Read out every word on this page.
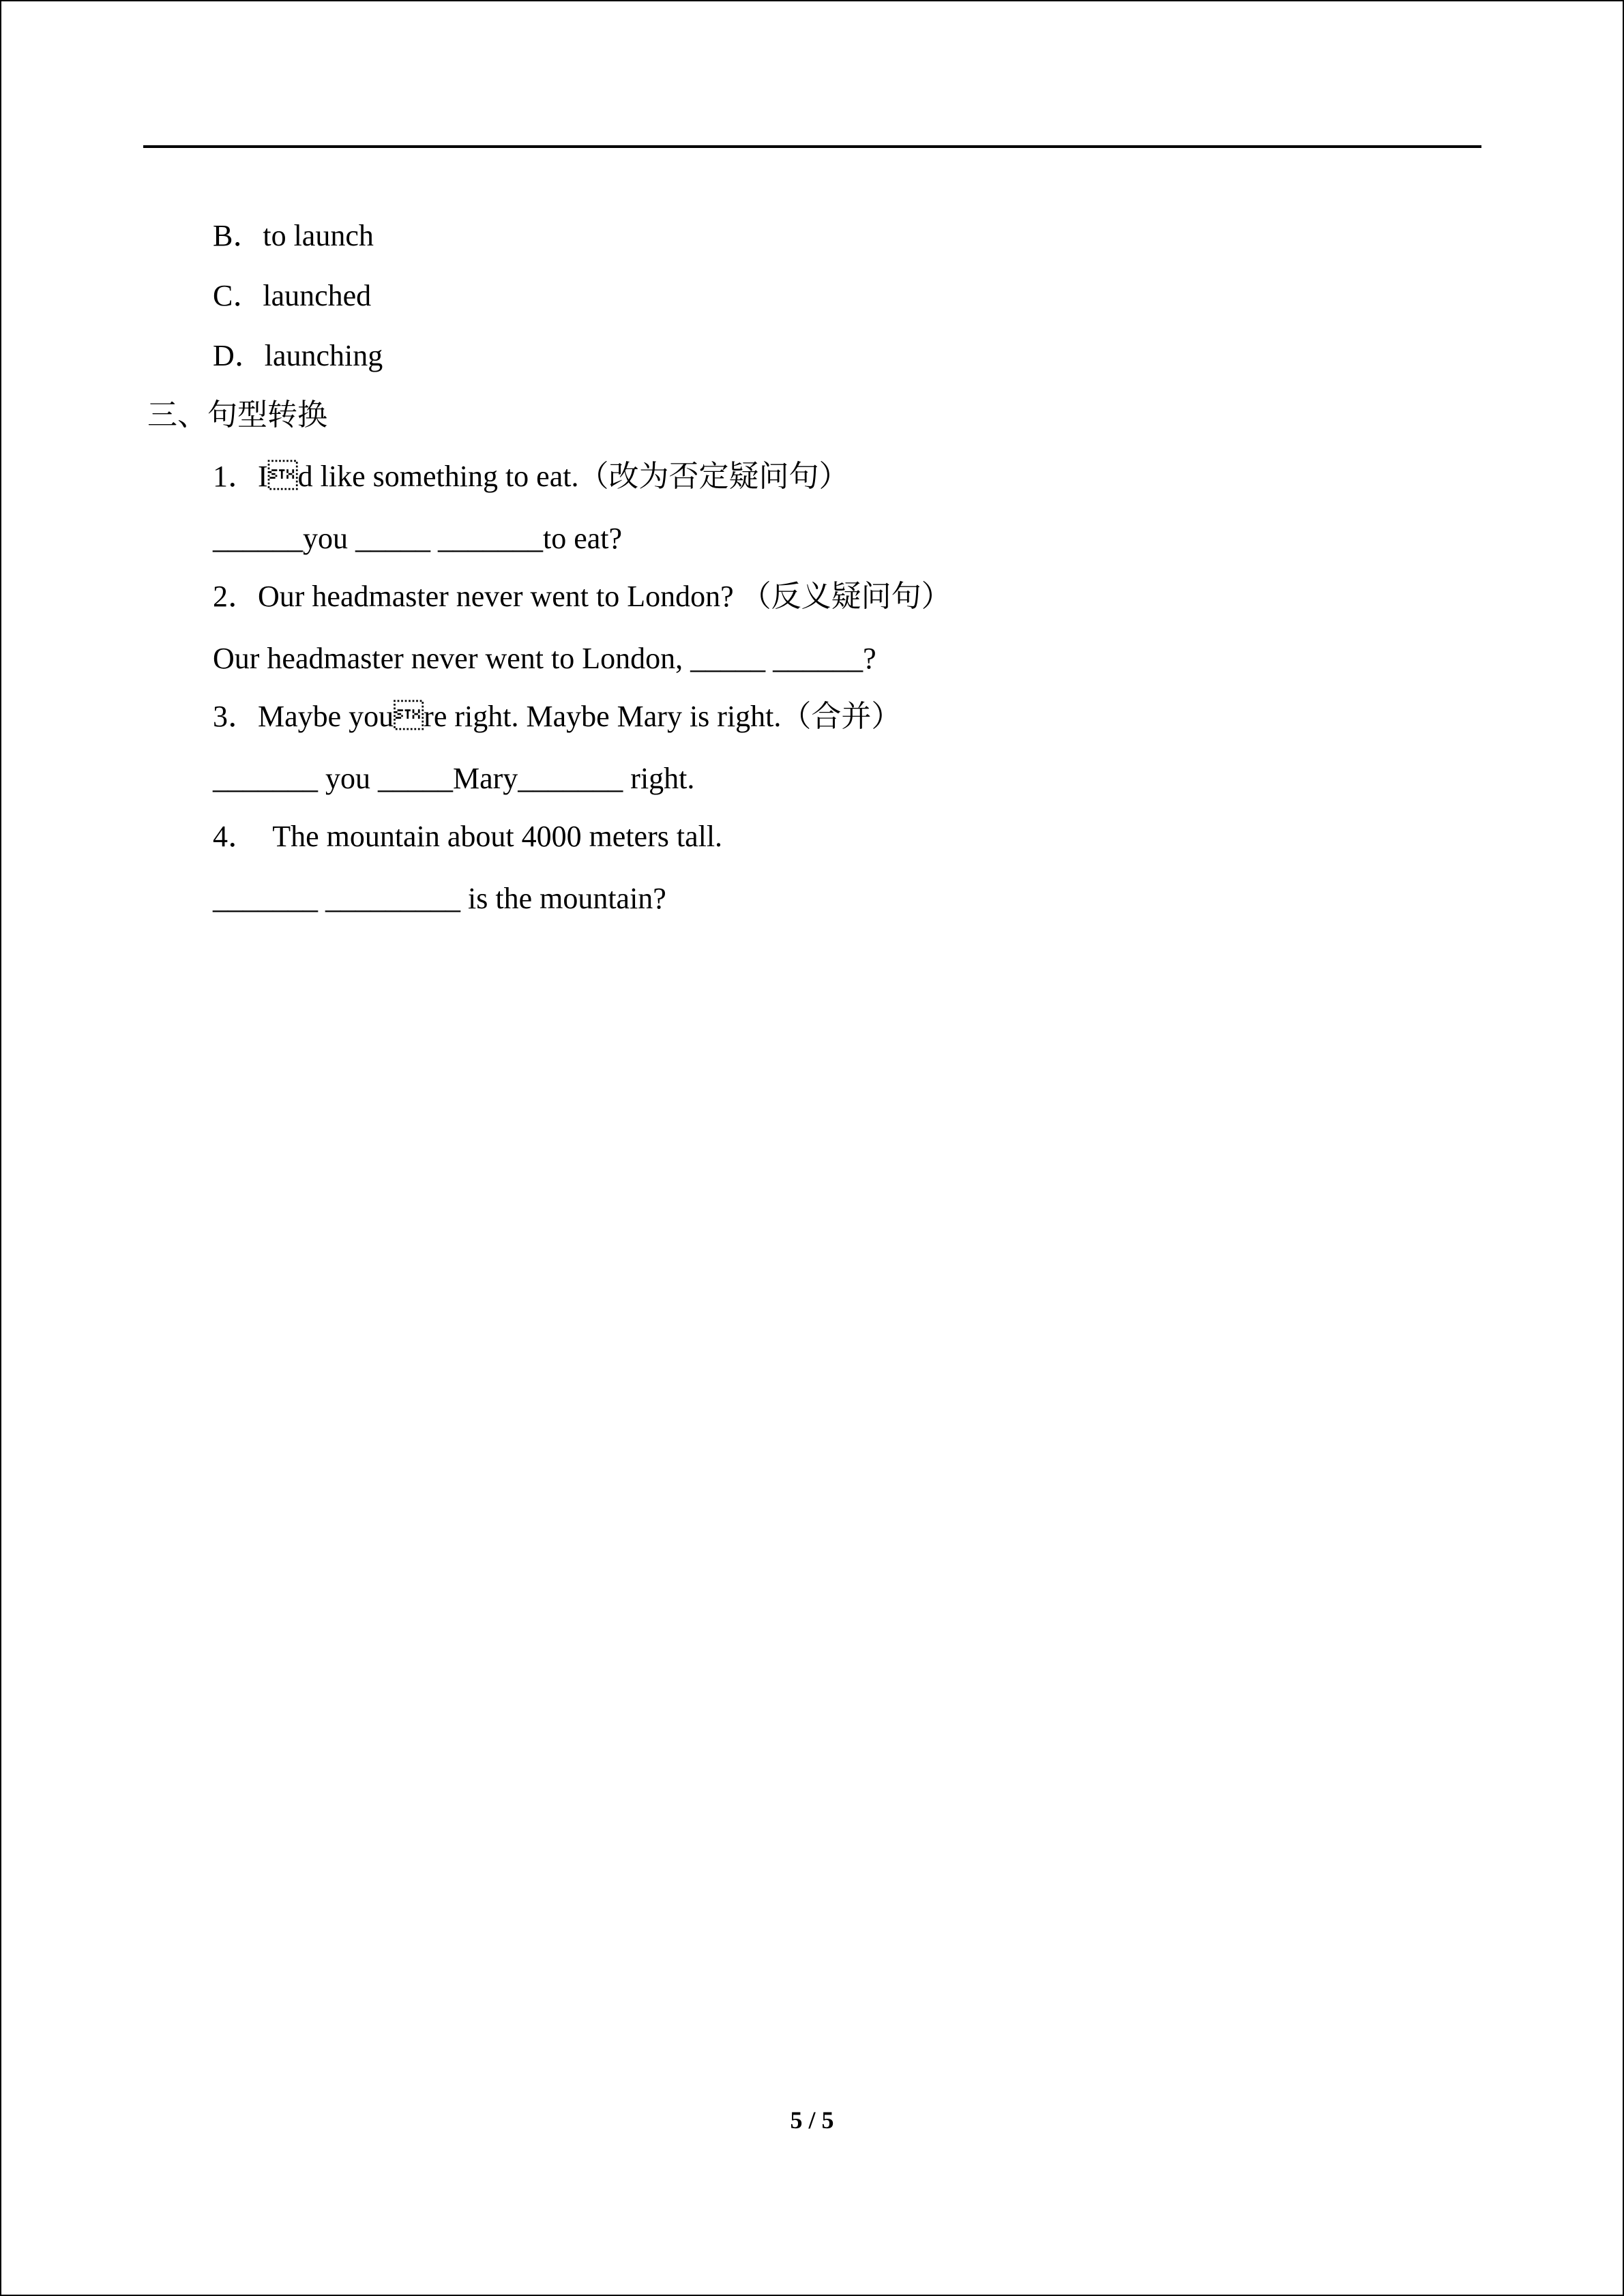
B．to launch
C．launched
D．launching
三、句型转换
1．Id like something to eat.（改为否定疑问句）
______you _____ _______to eat?
2．Our headmaster never went to London? （反义疑问句）
Our headmaster never went to London, _____ ______?
3．Maybe youre right. Maybe Mary is right.（合并）
_______ you _____Mary_______ right.
4．  The mountain about 4000 meters tall.
_______ _________ is the mountain?
5 / 5
